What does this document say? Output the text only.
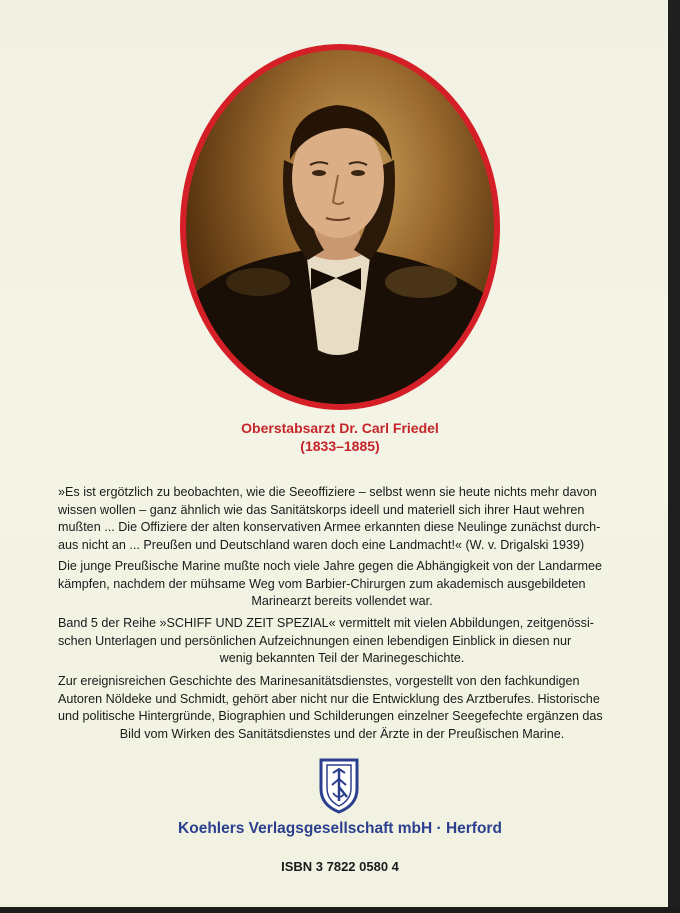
Oberstabsarzt Dr. Carl Friedel
(1833–1885)
»Es ist ergötzlich zu beobachten, wie die Seeoffiziere – selbst wenn sie heute nichts mehr davon
wissen wollen – ganz ähnlich wie das Sanitätskorps ideell und materiell sich ihrer Haut wehren
mußten ... Die Offiziere der alten konservativen Armee erkannten diese Neulinge zunächst durch-
aus nicht an ... Preußen und Deutschland waren doch eine Landmacht!« (W. v. Drigalski 1939)
Die junge Preußische Marine mußte noch viele Jahre gegen die Abhängigkeit von der Landarmee
kämpfen, nachdem der mühsame Weg vom Barbier-Chirurgen zum akademisch ausgebildeten
Marinearzt bereits vollendet war.
Band 5 der Reihe »SCHIFF UND ZEIT SPEZIAL« vermittelt mit vielen Abbildungen, zeitgenössi-
schen Unterlagen und persönlichen Aufzeichnungen einen lebendigen Einblick in diesen nur
wenig bekannten Teil der Marinegeschichte.
Zur ereignisreichen Geschichte des Marinesanitätsdienstes, vorgestellt von den fachkundigen
Autoren Nöldeke und Schmidt, gehört aber nicht nur die Entwicklung des Arztberufes. Historische
und politische Hintergründe, Biographien und Schilderungen einzelner Seegefechte ergänzen das
Bild vom Wirken des Sanitätsdienstes und der Ärzte in der Preußischen Marine.
Koehlers Verlagsgesellschaft mbH · Herford
ISBN 3 7822 0580 4
